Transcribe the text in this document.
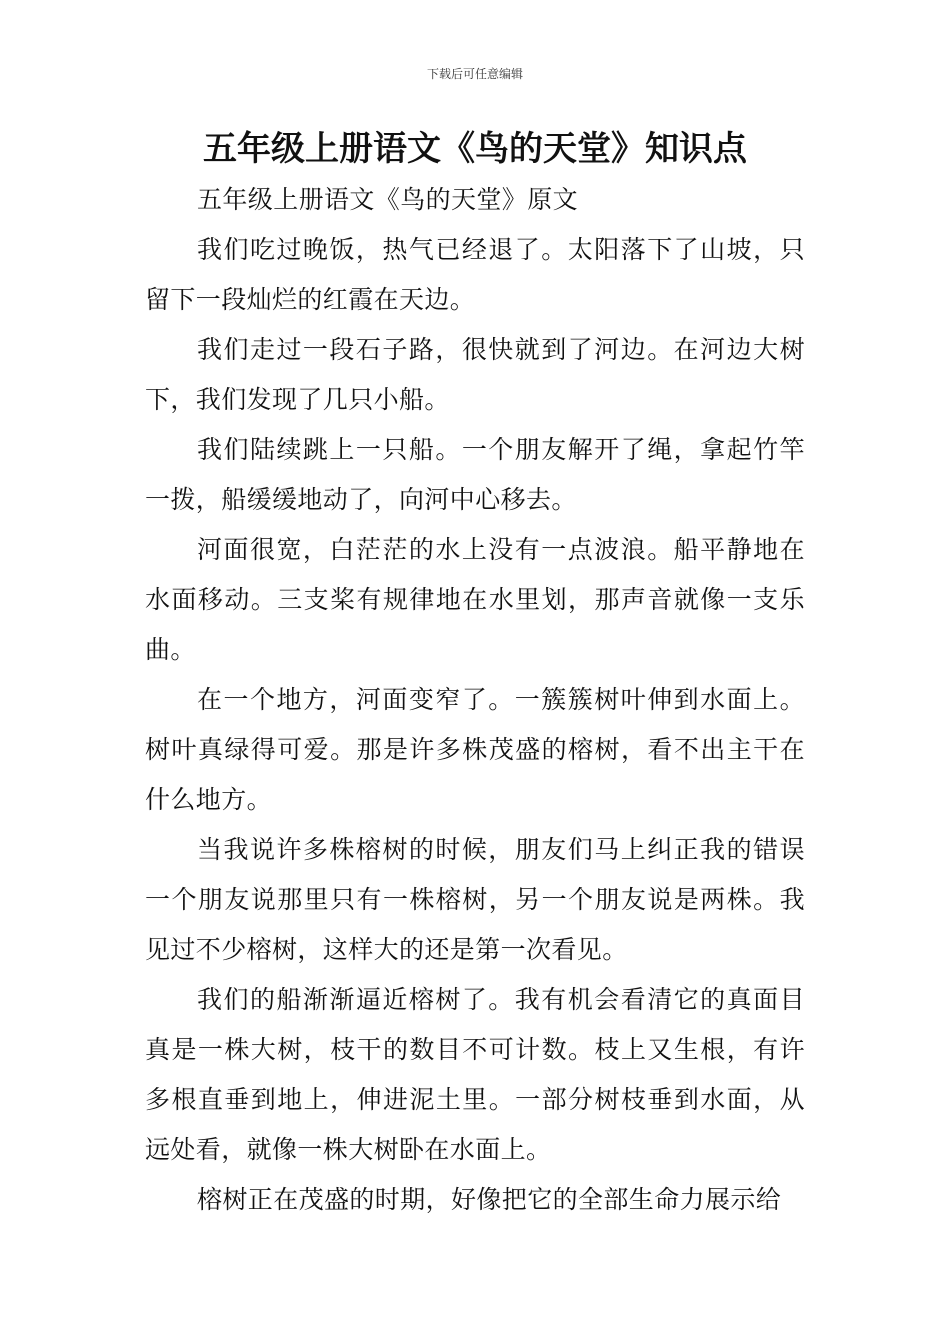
下载后可任意编辑
五年级上册语文《鸟的天堂》知识点

五年级上册语文《鸟的天堂》原文

我们吃过晚饭，热气已经退了。太阳落下了山坡，只留下一段灿烂的红霞在天边。

我们走过一段石子路，很快就到了河边。在河边大树下，我们发现了几只小船。

我们陆续跳上一只船。一个朋友解开了绳，拿起竹竿一拨，船缓缓地动了，向河中心移去。

河面很宽，白茫茫的水上没有一点波浪。船平静地在水面移动。三支桨有规律地在水里划，那声音就像一支乐曲。

在一个地方，河面变窄了。一簇簇树叶伸到水面上。树叶真绿得可爱。那是许多株茂盛的榕树，看不出主干在什么地方。

当我说许多株榕树的时候，朋友们马上纠正我的错误一个朋友说那里只有一株榕树，另一个朋友说是两株。我见过不少榕树，这样大的还是第一次看见。

我们的船渐渐逼近榕树了。我有机会看清它的真面目真是一株大树，枝干的数目不可计数。枝上又生根，有许多根直垂到地上，伸进泥土里。一部分树枝垂到水面，从远处看，就像一株大树卧在水面上。

榕树正在茂盛的时期，好像把它的全部生命力展示给
